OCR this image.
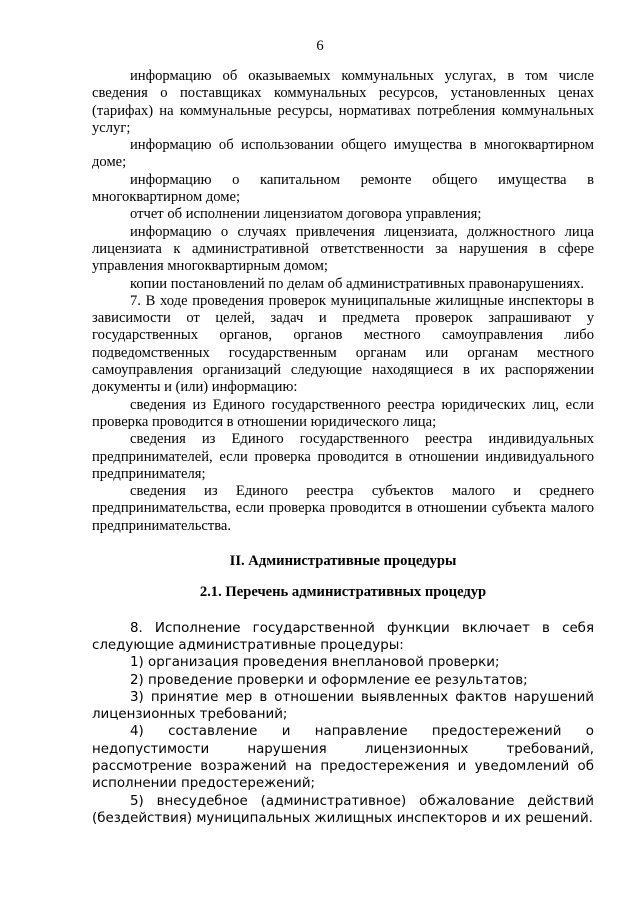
6

информацию об оказываемых коммунальных услугах, в том числе сведения о поставщиках коммунальных ресурсов, установленных ценах (тарифах) на коммунальные ресурсы, нормативах потребления коммунальных услуг;

информацию об использовании общего имущества в многоквартирном доме;

информацию о капитальном ремонте общего имущества в многоквартирном доме;

отчет об исполнении лицензиатом договора управления;

информацию о случаях привлечения лицензиата, должностного лица лицензиата к административной ответственности за нарушения в сфере управления многоквартирным домом;

копии постановлений по делам об административных правонарушениях.

7. В ходе проведения проверок муниципальные жилищные инспекторы в зависимости от целей, задач и предмета проверок запрашивают у государственных органов, органов местного самоуправления либо подведомственных государственным органам или органам местного самоуправления организаций следующие находящиеся в их распоряжении документы и (или) информацию:

сведения из Единого государственного реестра юридических лиц, если проверка проводится в отношении юридического лица;

сведения из Единого государственного реестра индивидуальных предпринимателей, если проверка проводится в отношении индивидуального предпринимателя;

сведения из Единого реестра субъектов малого и среднего предпринимательства, если проверка проводится в отношении субъекта малого предпринимательства.

II. Административные процедуры

2.1. Перечень административных процедур

8. Исполнение государственной функции включает в себя следующие административные процедуры:

1) организация проведения внеплановой проверки;

2) проведение проверки и оформление ее результатов;

3) принятие мер в отношении выявленных фактов нарушений лицензионных требований;

4) составление и направление предостережений о недопустимости нарушения лицензионных требований, рассмотрение возражений на предостережения и уведомлений об исполнении предостережений;

5) внесудебное (административное) обжалование действий (бездействия) муниципальных жилищных инспекторов и их решений.
